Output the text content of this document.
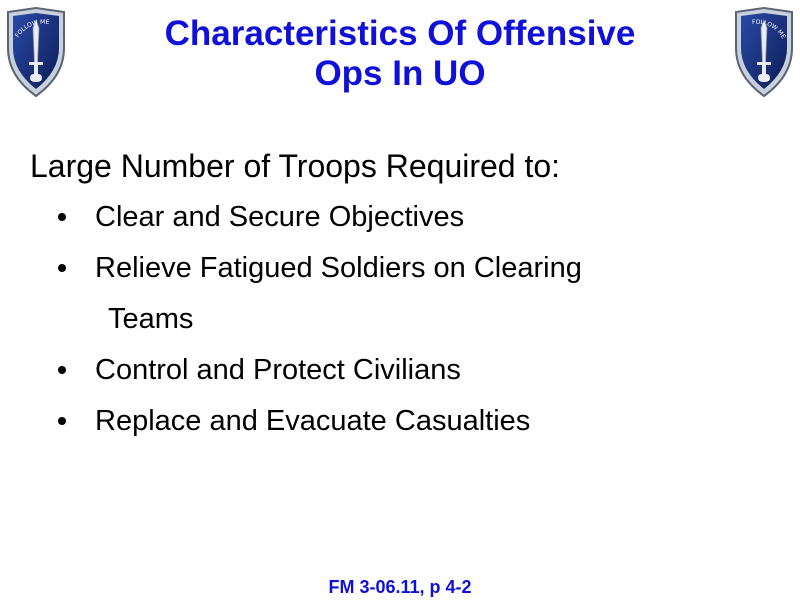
FOLLOW ME	FOLLOW ME
Characteristics Of Offensive
Ops In UO
Large Number of Troops Required to:
Clear and Secure Objectives
Relieve Fatigued Soldiers on Clearing
Teams
Control and Protect Civilians
Replace and Evacuate Casualties
FM 3-06.11, p 4-2
